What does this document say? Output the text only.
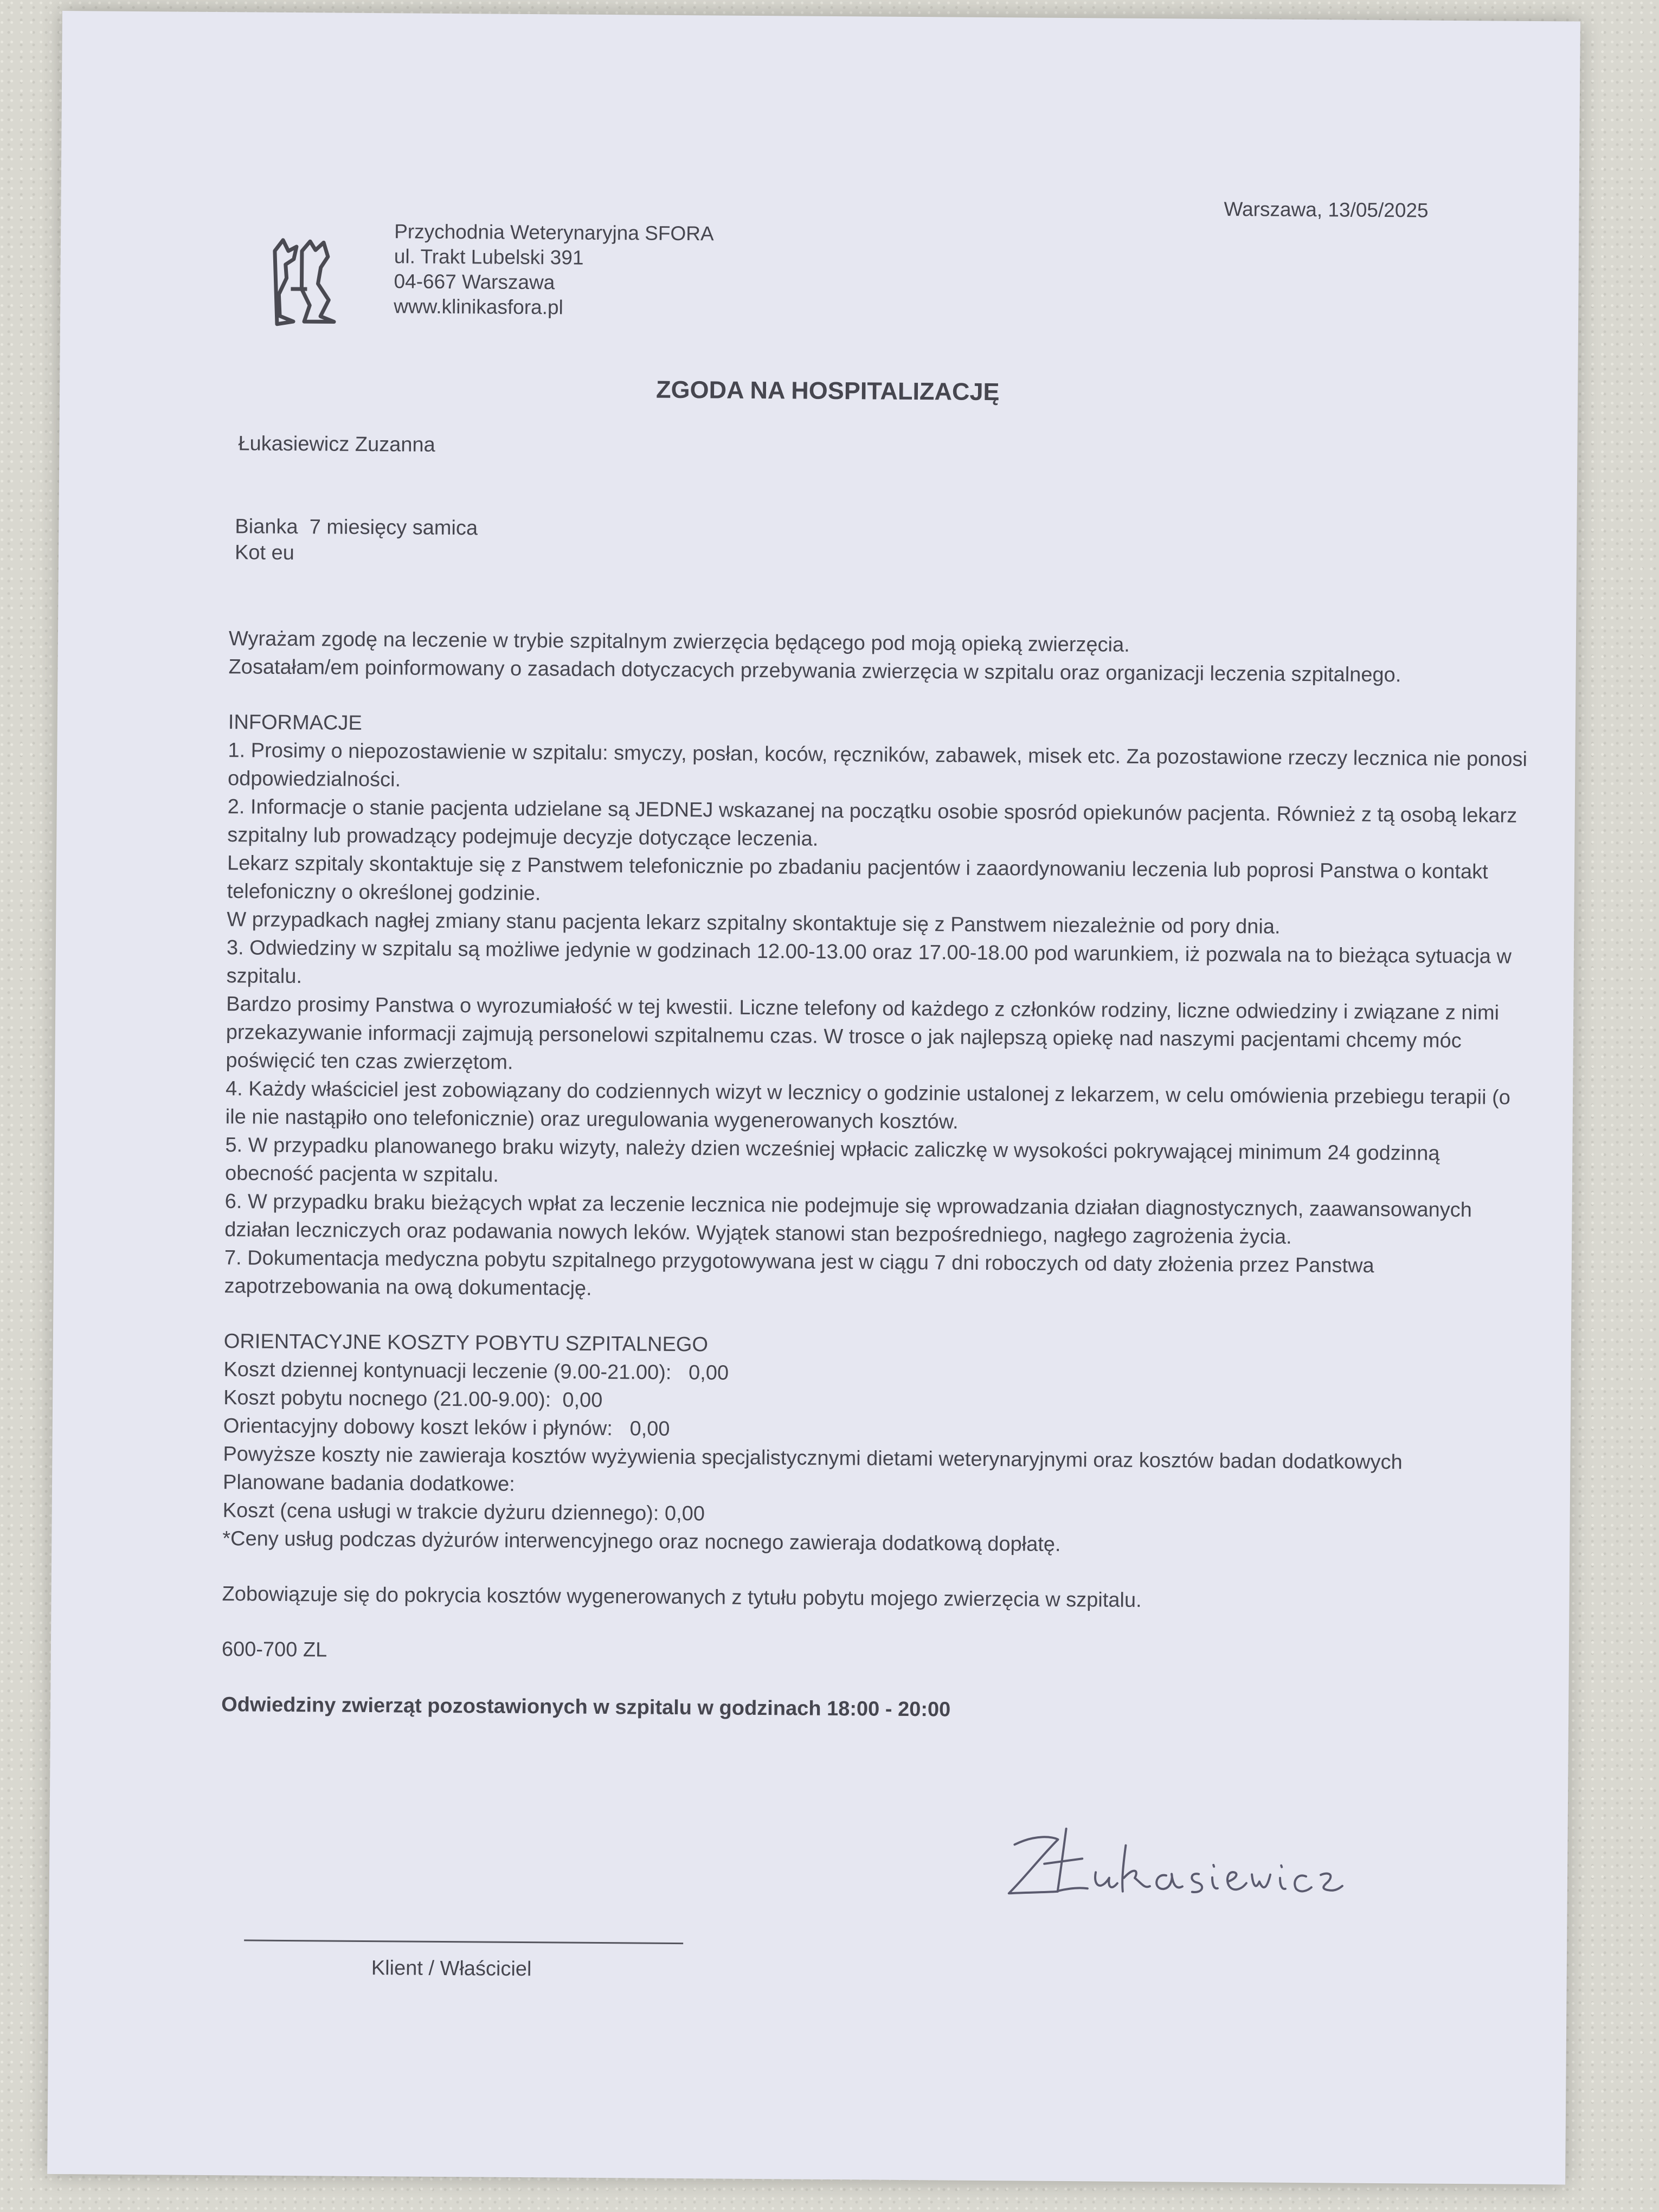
Przychodnia Weterynaryjna SFORA
ul. Trakt Lubelski 391
04-667 Warszawa
www.klinikasfora.pl
Warszawa, 13/05/2025
ZGODA NA HOSPITALIZACJĘ
Łukasiewicz Zuzanna
Bianka  7 miesięcy samica
Kot eu

Wyrażam zgodę na leczenie w trybie szpitalnym zwierzęcia będącego pod moją opieką zwierzęcia.

Zosatałam/em poinformowany o zasadach dotyczacych przebywania zwierzęcia w szpitalu oraz organizacji leczenia szpitalnego.

INFORMACJE

1. Prosimy o niepozostawienie w szpitalu: smyczy, posłan, koców, ręczników, zabawek, misek etc. Za pozostawione rzeczy lecznica nie ponosi odpowiedzialności.

2. Informacje o stanie pacjenta udzielane są JEDNEJ wskazanej na początku osobie sposród opiekunów pacjenta. Również z tą osobą lekarz szpitalny lub prowadzący podejmuje decyzje dotyczące leczenia.

Lekarz szpitaly skontaktuje się z Panstwem telefonicznie po zbadaniu pacjentów i zaaordynowaniu leczenia lub poprosi Panstwa o kontakt telefoniczny o określonej godzinie.

W przypadkach nagłej zmiany stanu pacjenta lekarz szpitalny skontaktuje się z Panstwem niezależnie od pory dnia.

3. Odwiedziny w szpitalu są możliwe jedynie w godzinach 12.00-13.00 oraz 17.00-18.00 pod warunkiem, iż pozwala na to bieżąca sytuacja w szpitalu.

Bardzo prosimy Panstwa o wyrozumiałość w tej kwestii. Liczne telefony od każdego z członków rodziny, liczne odwiedziny i związane z nimi przekazywanie informacji zajmują personelowi szpitalnemu czas. W trosce o jak najlepszą opiekę nad naszymi pacjentami chcemy móc poświęcić ten czas zwierzętom.

4. Każdy właściciel jest zobowiązany do codziennych wizyt w lecznicy o godzinie ustalonej z lekarzem, w celu omówienia przebiegu terapii (o ile nie nastąpiło ono telefonicznie) oraz uregulowania wygenerowanych kosztów.

5. W przypadku planowanego braku wizyty, należy dzien wcześniej wpłacic zaliczkę w wysokości pokrywającej minimum 24 godzinną obecność pacjenta w szpitalu.

6. W przypadku braku bieżących wpłat za leczenie lecznica nie podejmuje się wprowadzania działan diagnostycznych, zaawansowanych działan leczniczych oraz podawania nowych leków. Wyjątek stanowi stan bezpośredniego, nagłego zagrożenia życia.

7. Dokumentacja medyczna pobytu szpitalnego przygotowywana jest w ciągu 7 dni roboczych od daty złożenia przez Panstwa zapotrzebowania na ową dokumentację.

ORIENTACYJNE KOSZTY POBYTU SZPITALNEGO

Koszt dziennej kontynuacji leczenie (9.00-21.00):   0,00

Koszt pobytu nocnego (21.00-9.00):  0,00

Orientacyjny dobowy koszt leków i płynów:   0,00

Powyższe koszty nie zawieraja kosztów wyżywienia specjalistycznymi dietami weterynaryjnymi oraz kosztów badan dodatkowych

Planowane badania dodatkowe:

Koszt (cena usługi w trakcie dyżuru dziennego): 0,00

*Ceny usług podczas dyżurów interwencyjnego oraz nocnego zawieraja dodatkową dopłatę.

Zobowiązuje się do pokrycia kosztów wygenerowanych z tytułu pobytu mojego zwierzęcia w szpitalu.

600-700 ZL

Odwiedziny zwierząt pozostawionych w szpitalu w godzinach 18:00 - 20:00

Klient / Właściciel
